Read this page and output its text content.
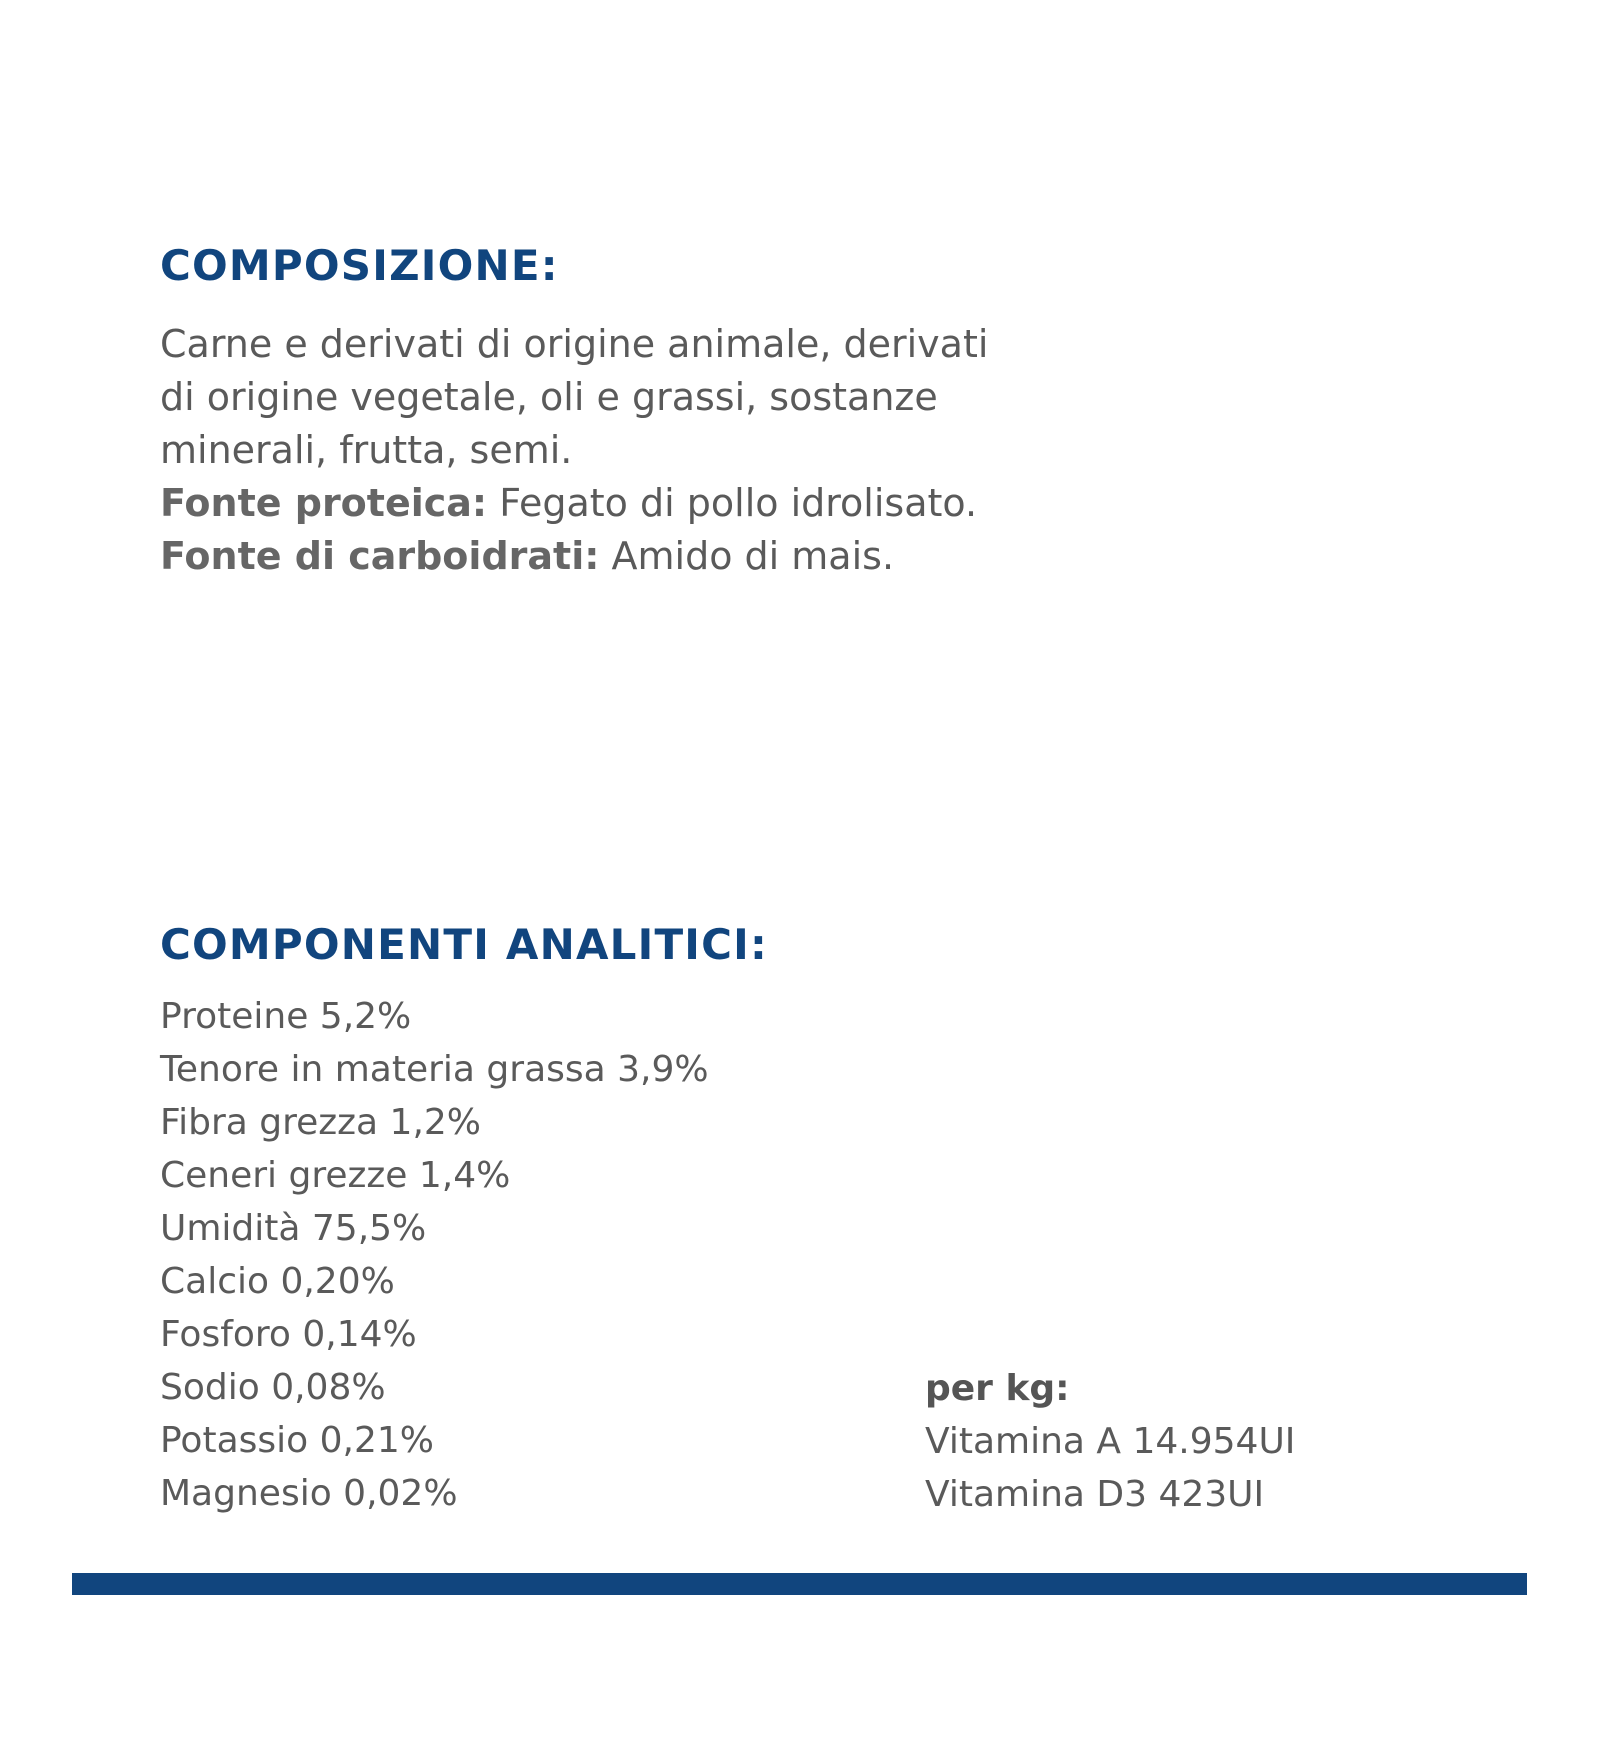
COMPOSIZIONE:
Carne e derivati di origine animale, derivati
di origine vegetale, oli e grassi, sostanze
minerali, frutta, semi.
Fonte proteica: Fegato di pollo idrolisato.
Fonte di carboidrati: Amido di mais.
COMPONENTI ANALITICI:
Proteine 5,2%
Tenore in materia grassa 3,9%
Fibra grezza 1,2%
Ceneri grezze 1,4%
Umidità 75,5%
Calcio 0,20%
Fosforo 0,14%
Sodio 0,08%
Potassio 0,21%
Magnesio 0,02%
per kg:
Vitamina A 14.954UI
Vitamina D3 423UI
